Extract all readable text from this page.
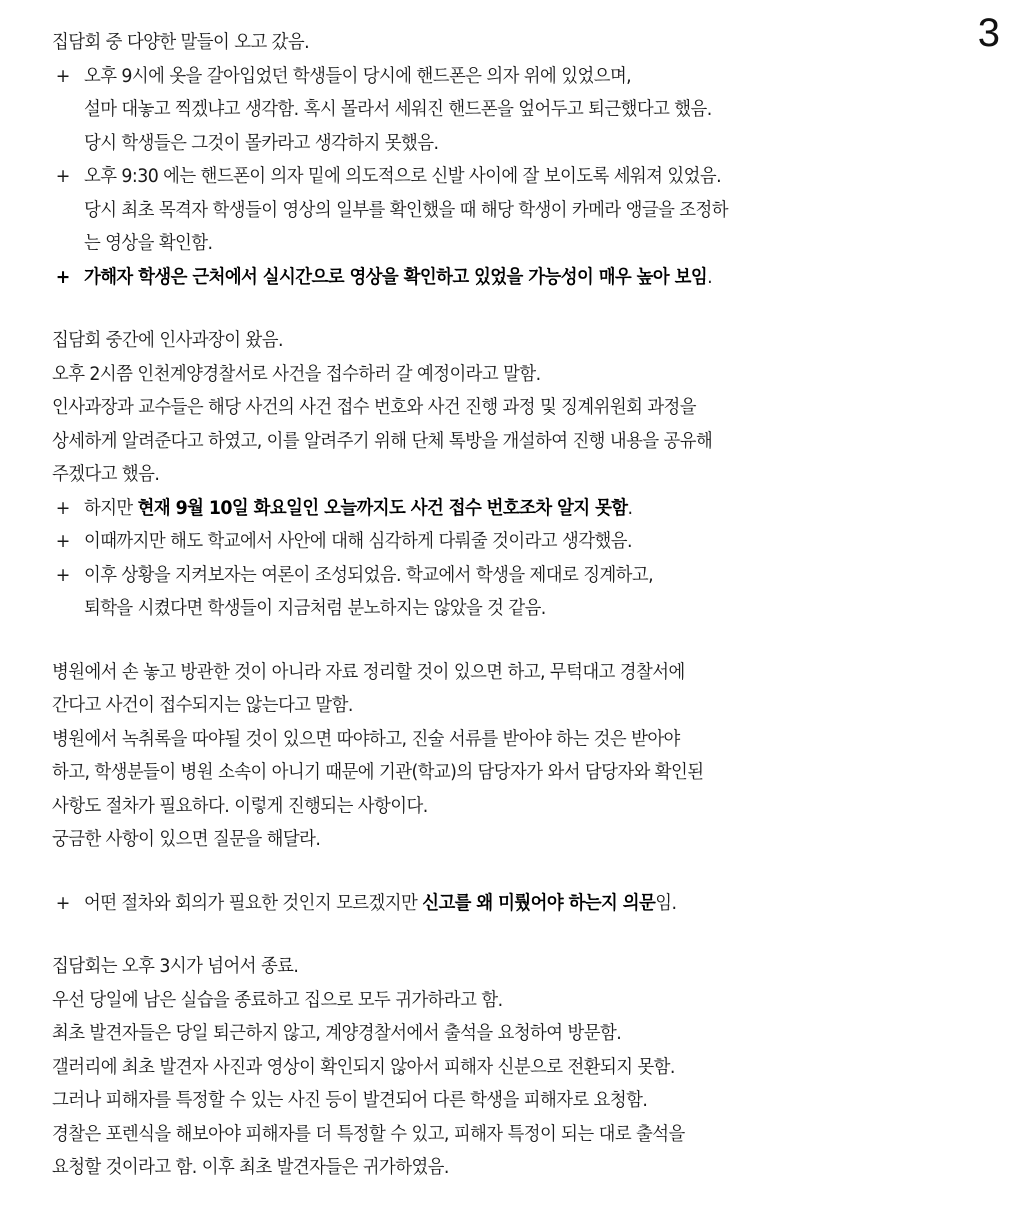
3
집담회 중 다양한 말들이 오고 갔음.
+ 오후 9시에 옷을 갈아입었던 학생들이 당시에 핸드폰은 의자 위에 있었으며,
설마 대놓고 찍겠냐고 생각함. 혹시 몰라서 세워진 핸드폰을 엎어두고 퇴근했다고 했음.
당시 학생들은 그것이 몰카라고 생각하지 못했음.
+ 오후 9:30 에는 핸드폰이 의자 밑에 의도적으로 신발 사이에 잘 보이도록 세워져 있었음.
당시 최초 목격자 학생들이 영상의 일부를 확인했을 때 해당 학생이 카메라 앵글을 조정하
는 영상을 확인함.
+ 가해자 학생은 근처에서 실시간으로 영상을 확인하고 있었을 가능성이 매우 높아 보임.
집담회 중간에 인사과장이 왔음.
오후 2시쯤 인천계양경찰서로 사건을 접수하러 갈 예정이라고 말함.
인사과장과 교수들은 해당 사건의 사건 접수 번호와 사건 진행 과정 및 징계위원회 과정을
상세하게 알려준다고 하였고, 이를 알려주기 위해 단체 톡방을 개설하여 진행 내용을 공유해
주겠다고 했음.
+ 하지만 현재 9월 10일 화요일인 오늘까지도 사건 접수 번호조차 알지 못함.
+ 이때까지만 해도 학교에서 사안에 대해 심각하게 다뤄줄 것이라고 생각했음.
+ 이후 상황을 지켜보자는 여론이 조성되었음. 학교에서 학생을 제대로 징계하고,
퇴학을 시켰다면 학생들이 지금처럼 분노하지는 않았을 것 같음.
병원에서 손 놓고 방관한 것이 아니라 자료 정리할 것이 있으면 하고, 무턱대고 경찰서에
간다고 사건이 접수되지는 않는다고 말함.
병원에서 녹취록을 따야될 것이 있으면 따야하고, 진술 서류를 받아야 하는 것은 받아야
하고, 학생분들이 병원 소속이 아니기 때문에 기관(학교)의 담당자가 와서 담당자와 확인된
사항도 절차가 필요하다. 이렇게 진행되는 사항이다.
궁금한 사항이 있으면 질문을 해달라.
+ 어떤 절차와 회의가 필요한 것인지 모르겠지만 신고를 왜 미뤘어야 하는지 의문임.
집담회는 오후 3시가 넘어서 종료.
우선 당일에 남은 실습을 종료하고 집으로 모두 귀가하라고 함.
최초 발견자들은 당일 퇴근하지 않고, 계양경찰서에서 출석을 요청하여 방문함.
갤러리에 최초 발견자 사진과 영상이 확인되지 않아서 피해자 신분으로 전환되지 못함.
그러나 피해자를 특정할 수 있는 사진 등이 발견되어 다른 학생을 피해자로 요청함.
경찰은 포렌식을 해보아야 피해자를 더 특정할 수 있고, 피해자 특정이 되는 대로 출석을
요청할 것이라고 함. 이후 최초 발견자들은 귀가하였음.
